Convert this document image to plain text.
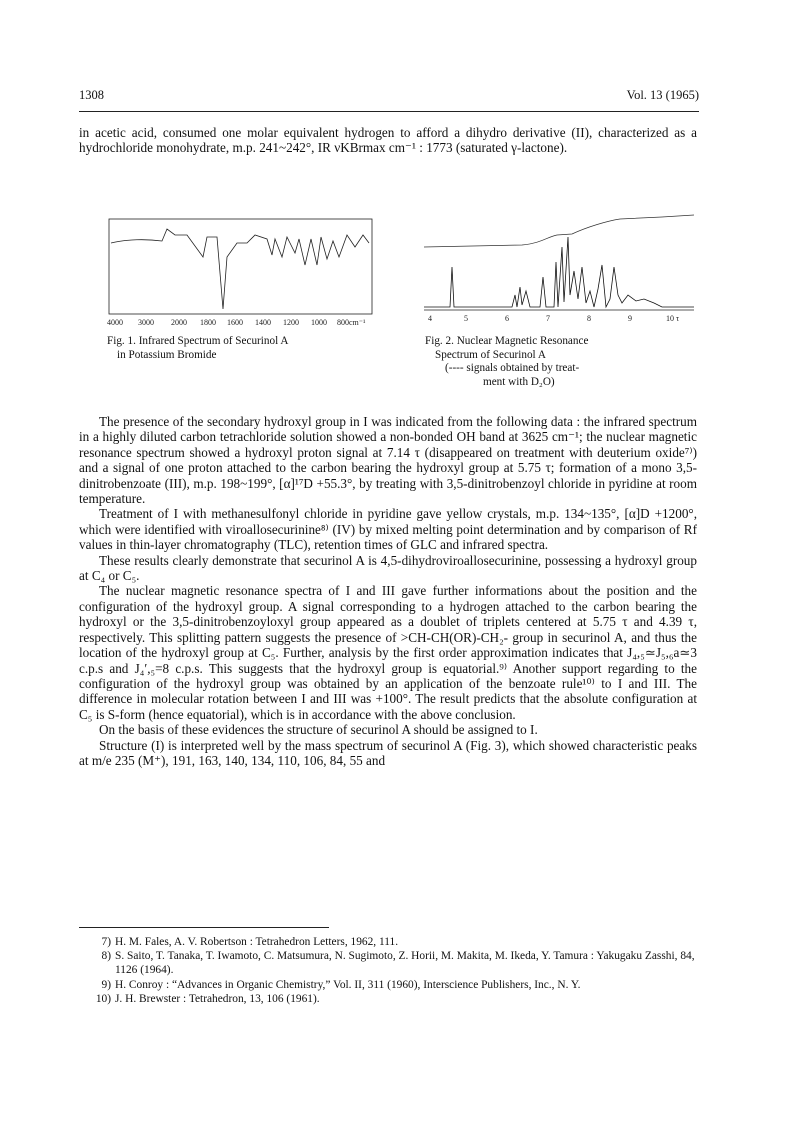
1308	Vol. 13 (1965)
in acetic acid, consumed one molar equivalent hydrogen to afford a dihydro derivative (II), characterized as a hydrochloride monohydrate, m.p. 241~242°, IR νKBrmax cm⁻¹ : 1773 (saturated γ-lactone).
4000 3000 2000 1800 1600 1400 1200 1000 800cm⁻¹	4	5	6	7	8	9	10 τ
Fig. 1. Infrared Spectrum of Securinol A
in Potassium Bromide
Fig. 2. Nuclear Magnetic Resonance
Spectrum of Securinol A
(---- signals obtained by treat-
ment with D₂O)

The presence of the secondary hydroxyl group in I was indicated from the following data : the infrared spectrum in a highly diluted carbon tetrachloride solution showed a non-bonded OH band at 3625 cm⁻¹; the nuclear magnetic resonance spectrum showed a hydroxyl proton signal at 7.14 τ (disappeared on treatment with deuterium oxide⁷⁾) and a signal of one proton attached to the carbon bearing the hydroxyl group at 5.75 τ; formation of a mono 3,5-dinitrobenzoate (III), m.p. 198~199°, [α]¹⁷D +55.3°, by treating with 3,5-dinitrobenzoyl chloride in pyridine at room temperature.

Treatment of I with methanesulfonyl chloride in pyridine gave yellow crystals, m.p. 134~135°, [α]D +1200°, which were identified with viroallosecurinine⁸⁾ (IV) by mixed melting point determination and by comparison of Rf values in thin-layer chromatography (TLC), retention times of GLC and infrared spectra.

These results clearly demonstrate that securinol A is 4,5-dihydroviroallosecurinine, possessing a hydroxyl group at C₄ or C₅.

The nuclear magnetic resonance spectra of I and III gave further informations about the position and the configuration of the hydroxyl group. A signal corresponding to a hydrogen attached to the carbon bearing the hydroxyl or the 3,5-dinitrobenzoyloxyl group appeared as a doublet of triplets centered at 5.75 τ and 4.39 τ, respectively. This splitting pattern suggests the presence of >CH-CH(OR)-CH₂- group in securinol A, and thus the location of the hydroxyl group at C₅. Further, analysis by the first order approximation indicates that J₄,₅≃J₅,₆a≃3 c.p.s and J₄′,₅=8 c.p.s. This suggests that the hydroxyl group is equatorial.⁹⁾ Another support regarding to the configuration of the hydroxyl group was obtained by an application of the benzoate rule¹⁰⁾ to I and III. The difference in molecular rotation between I and III was +100°. The result predicts that the absolute configuration at C₅ is S-form (hence equatorial), which is in accordance with the above conclusion.

On the basis of these evidences the structure of securinol A should be assigned to I.

Structure (I) is interpreted well by the mass spectrum of securinol A (Fig. 3), which showed characteristic peaks at m/e 235 (M⁺), 191, 163, 140, 134, 110, 106, 84, 55 and

7) H. M. Fales, A. V. Robertson : Tetrahedron Letters, 1962, 111.
8) S. Saito, T. Tanaka, T. Iwamoto, C. Matsumura, N. Sugimoto, Z. Horii, M. Makita, M. Ikeda, Y. Tamura : Yakugaku Zasshi, 84, 1126 (1964).
9) H. Conroy : “Advances in Organic Chemistry,” Vol. II, 311 (1960), Interscience Publishers, Inc., N. Y.
10) J. H. Brewster : Tetrahedron, 13, 106 (1961).
